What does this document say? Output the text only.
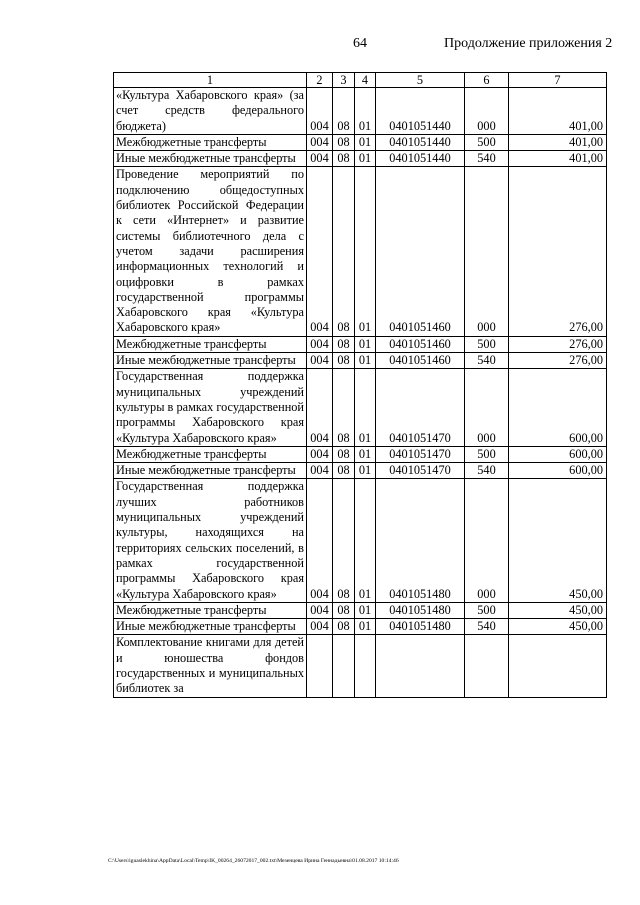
64	Продолжение приложения 2
1	2	3	4	5	6	7
«Культура Хабаровского края» (за счет средств федерального бюджета)	004	08	01	0401051440	000	401,00
Межбюджетные трансферты	004	08	01	0401051440	500	401,00
Иные межбюджетные трансферты	004	08	01	0401051440	540	401,00
Проведение мероприятий по подключению общедоступных библиотек Российской Федерации к сети «Интернет» и развитие системы библиотечного дела с учетом задачи расширения информационных технологий и оцифровки в рамках государственной программы Хабаровского края «Культура Хабаровского края»	004	08	01	0401051460	000	276,00
Межбюджетные трансферты	004	08	01	0401051460	500	276,00
Иные межбюджетные трансферты	004	08	01	0401051460	540	276,00
Государственная поддержка муниципальных учреждений культуры в рамках государственной программы Хабаровского края «Культура Хабаровского края»	004	08	01	0401051470	000	600,00
Межбюджетные трансферты	004	08	01	0401051470	500	600,00
Иные межбюджетные трансферты	004	08	01	0401051470	540	600,00
Государственная поддержка лучших работников муниципальных учреждений культуры, находящихся на территориях сельских поселений, в рамках государственной программы Хабаровского края «Культура Хабаровского края»	004	08	01	0401051480	000	450,00
Межбюджетные трансферты	004	08	01	0401051480	500	450,00
Иные межбюджетные трансферты	004	08	01	0401051480	540	450,00
Комплектование книгами для детей и юношества фондов государственных и муниципальных библиотек за						
C:\Users\iguaslekhina\AppData\Local\Temp\IK_00264_26072017_002.txt\Мезенцева Ирина Геннадьевна\01.08.2017 10:14:46
